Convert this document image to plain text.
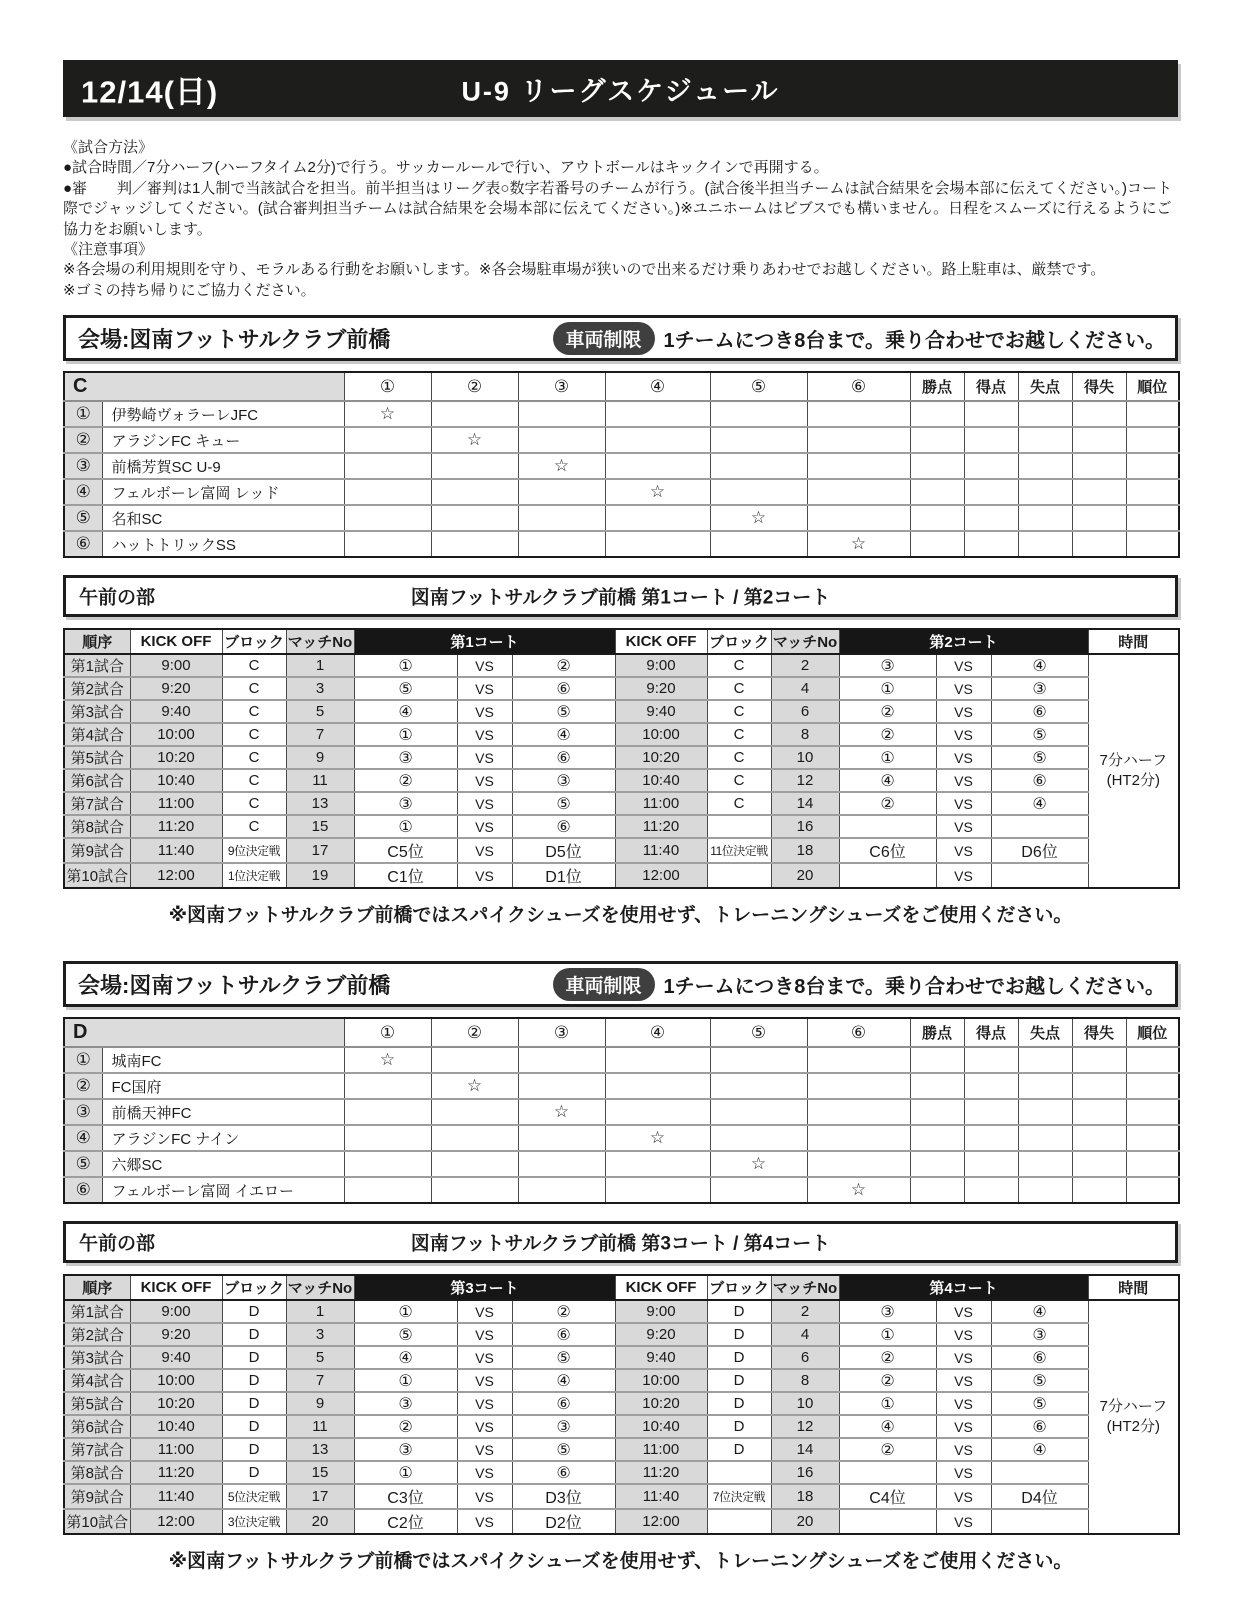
12/14(日)	U-9 リーグスケジュール

《試合方法》

●試合時間／7分ハーフ(ハーフタイム2分)で行う。サッカールールで行い、アウトボールはキックインで再開する。

●審　　判／審判は1人制で当該試合を担当。前半担当はリーグ表○数字若番号のチームが行う。(試合後半担当チームは試合結果を会場本部に伝えてください。)コート際でジャッジしてください。(試合審判担当チームは試合結果を会場本部に伝えてください。)※ユニホームはビブスでも構いません。日程をスムーズに行えるようにご協力をお願いします。

《注意事項》

※各会場の利用規則を守り、モラルある行動をお願いします。※各会場駐車場が狭いので出来るだけ乗りあわせでお越しください。路上駐車は、厳禁です。

※ゴミの持ち帰りにご協力ください。

会場:図南フットサルクラブ前橋	車両制限	1チームにつき8台まで。乗り合わせでお越しください。
C		①	②	③	④	⑤	⑥	勝点	得点	失点	得失	順位
①	伊勢崎ヴォラーレJFC	☆										
②	アラジンFC キュー		☆									
③	前橋芳賀SC U-9			☆								
④	フェルボーレ富岡 レッド				☆							
⑤	名和SC					☆						
⑥	ハットトリックSS						☆					
午前の部	図南フットサルクラブ前橋 第1コート / 第2コート
順序	KICK OFF	ブロック	マッチNo	第1コート			KICK OFF	ブロック	マッチNo	第2コート			時間
第1試合	9:00	C	1	①	VS	②	9:00	C	2	③	VS	④	7分ハーフ
(HT2分)

第2試合	9:20	C	3	⑤	VS	⑥	9:20	C	4	①	VS	③	
第3試合	9:40	C	5	④	VS	⑤	9:40	C	6	②	VS	⑥	
第4試合	10:00	C	7	①	VS	④	10:00	C	8	②	VS	⑤	
第5試合	10:20	C	9	③	VS	⑥	10:20	C	10	①	VS	⑤	
第6試合	10:40	C	11	②	VS	③	10:40	C	12	④	VS	⑥	
第7試合	11:00	C	13	③	VS	⑤	11:00	C	14	②	VS	④	
第8試合	11:20	C	15	①	VS	⑥	11:20		16		VS		
第9試合	11:40	9位決定戦	17	C5位	VS	D5位	11:40	11位決定戦	18	C6位	VS	D6位	
第10試合	12:00	1位決定戦	19	C1位	VS	D1位	12:00		20		VS		
※図南フットサルクラブ前橋ではスパイクシューズを使用せず、トレーニングシューズをご使用ください。
会場:図南フットサルクラブ前橋	車両制限	1チームにつき8台まで。乗り合わせでお越しください。
D		①	②	③	④	⑤	⑥	勝点	得点	失点	得失	順位
①	城南FC	☆										
②	FC国府		☆									
③	前橋天神FC			☆								
④	アラジンFC ナイン				☆							
⑤	六郷SC					☆						
⑥	フェルボーレ富岡 イエロー						☆					
午前の部	図南フットサルクラブ前橋 第3コート / 第4コート
順序	KICK OFF	ブロック	マッチNo	第3コート			KICK OFF	ブロック	マッチNo	第4コート			時間
第1試合	9:00	D	1	①	VS	②	9:00	D	2	③	VS	④	7分ハーフ
(HT2分)

第2試合	9:20	D	3	⑤	VS	⑥	9:20	D	4	①	VS	③	
第3試合	9:40	D	5	④	VS	⑤	9:40	D	6	②	VS	⑥	
第4試合	10:00	D	7	①	VS	④	10:00	D	8	②	VS	⑤	
第5試合	10:20	D	9	③	VS	⑥	10:20	D	10	①	VS	⑤	
第6試合	10:40	D	11	②	VS	③	10:40	D	12	④	VS	⑥	
第7試合	11:00	D	13	③	VS	⑤	11:00	D	14	②	VS	④	
第8試合	11:20	D	15	①	VS	⑥	11:20		16		VS		
第9試合	11:40	5位決定戦	17	C3位	VS	D3位	11:40	7位決定戦	18	C4位	VS	D4位	
第10試合	12:00	3位決定戦	20	C2位	VS	D2位	12:00		20		VS		
※図南フットサルクラブ前橋ではスパイクシューズを使用せず、トレーニングシューズをご使用ください。
